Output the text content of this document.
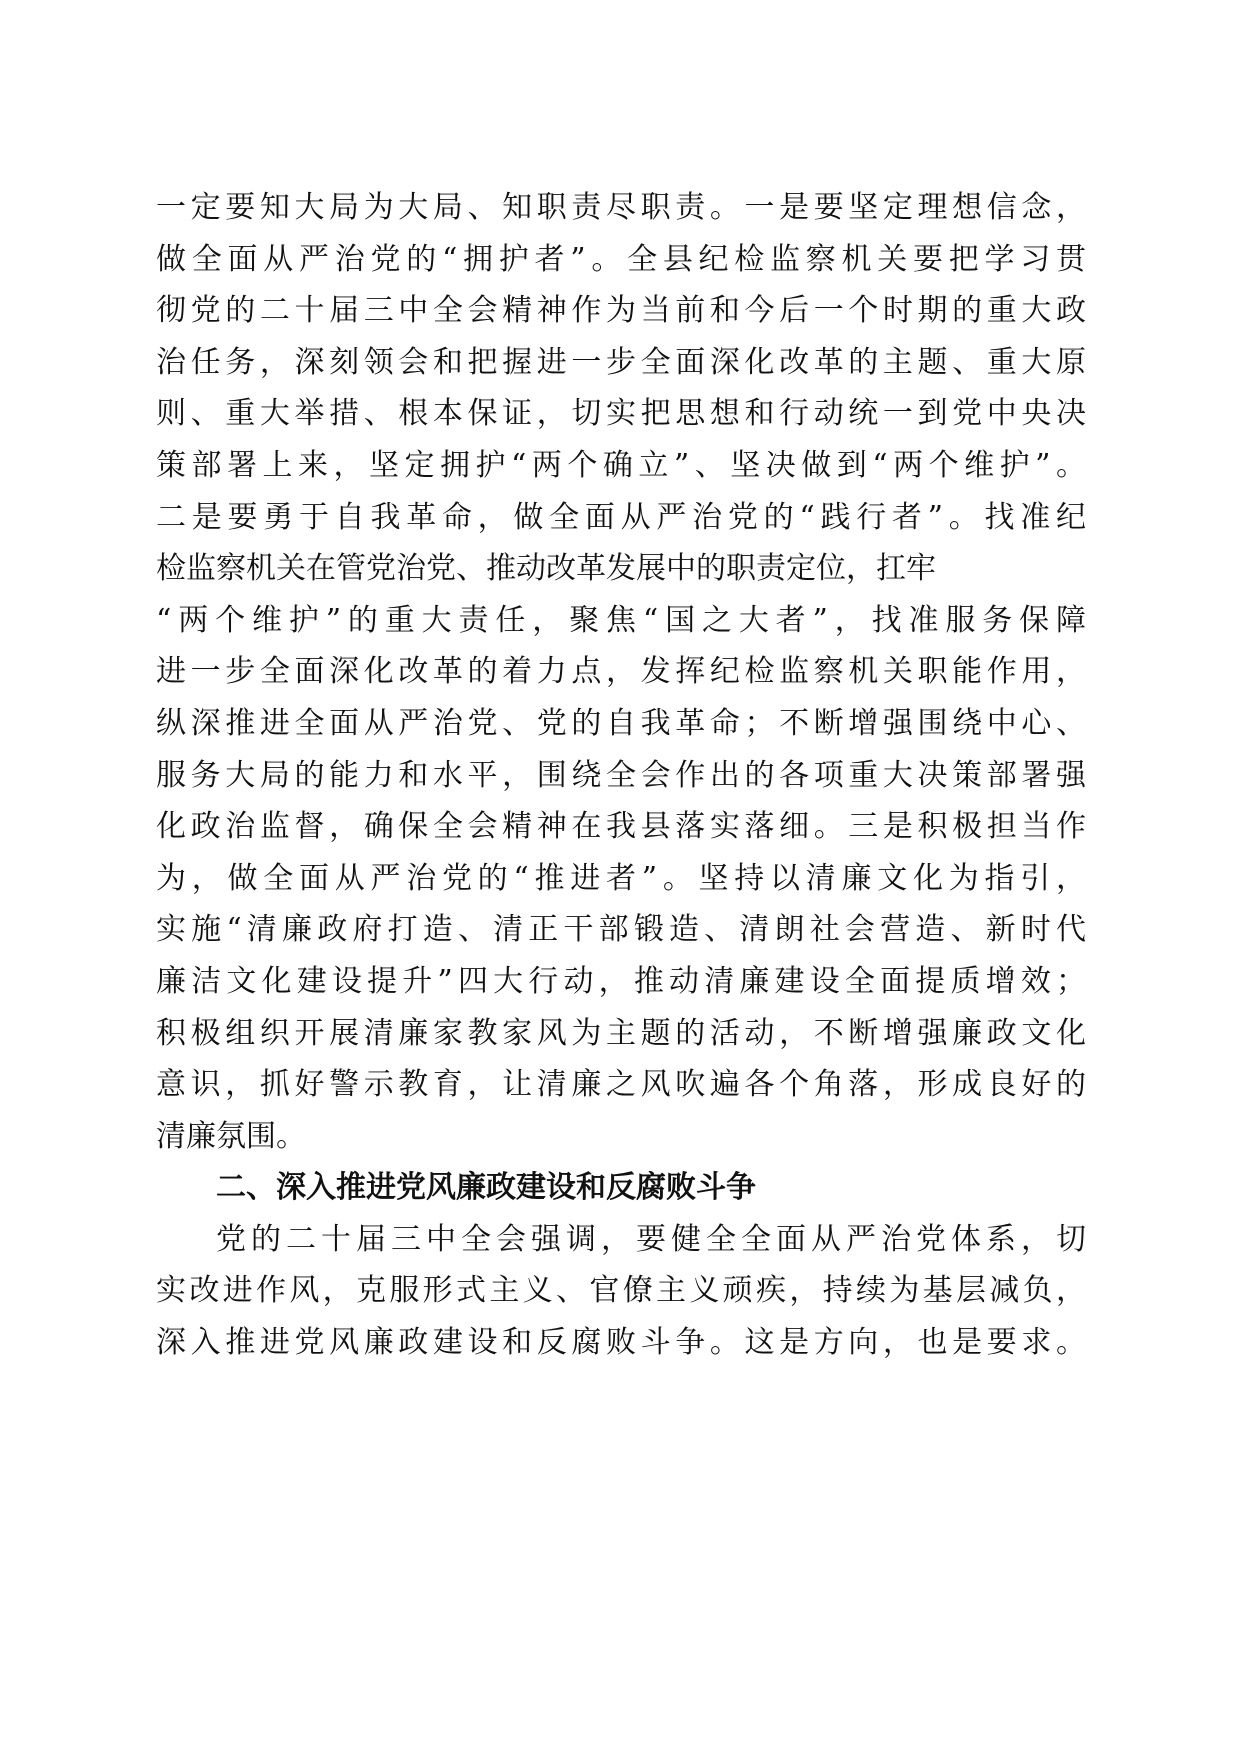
一定要知大局为大局、知职责尽职责。一是要坚定理想信念，
做全面从严治党的“拥护者”。全县纪检监察机关要把学习贯
彻党的二十届三中全会精神作为当前和今后一个时期的重大政
治任务，深刻领会和把握进一步全面深化改革的主题、重大原
则、重大举措、根本保证，切实把思想和行动统一到党中央决
策部署上来，坚定拥护“两个确立”、坚决做到“两个维护”。
二是要勇于自我革命，做全面从严治党的“践行者”。找准纪
检监察机关在管党治党、推动改革发展中的职责定位，扛牢
“两个维护”的重大责任，聚焦“国之大者”，找准服务保障
进一步全面深化改革的着力点，发挥纪检监察机关职能作用，
纵深推进全面从严治党、党的自我革命；不断增强围绕中心、
服务大局的能力和水平，围绕全会作出的各项重大决策部署强
化政治监督，确保全会精神在我县落实落细。三是积极担当作
为，做全面从严治党的“推进者”。坚持以清廉文化为指引，
实施“清廉政府打造、清正干部锻造、清朗社会营造、新时代
廉洁文化建设提升”四大行动，推动清廉建设全面提质增效；
积极组织开展清廉家教家风为主题的活动，不断增强廉政文化
意识，抓好警示教育，让清廉之风吹遍各个角落，形成良好的
清廉氛围。
二、深入推进党风廉政建设和反腐败斗争
党的二十届三中全会强调，要健全全面从严治党体系，切
实改进作风，克服形式主义、官僚主义顽疾，持续为基层减负，
深入推进党风廉政建设和反腐败斗争。这是方向，也是要求。
